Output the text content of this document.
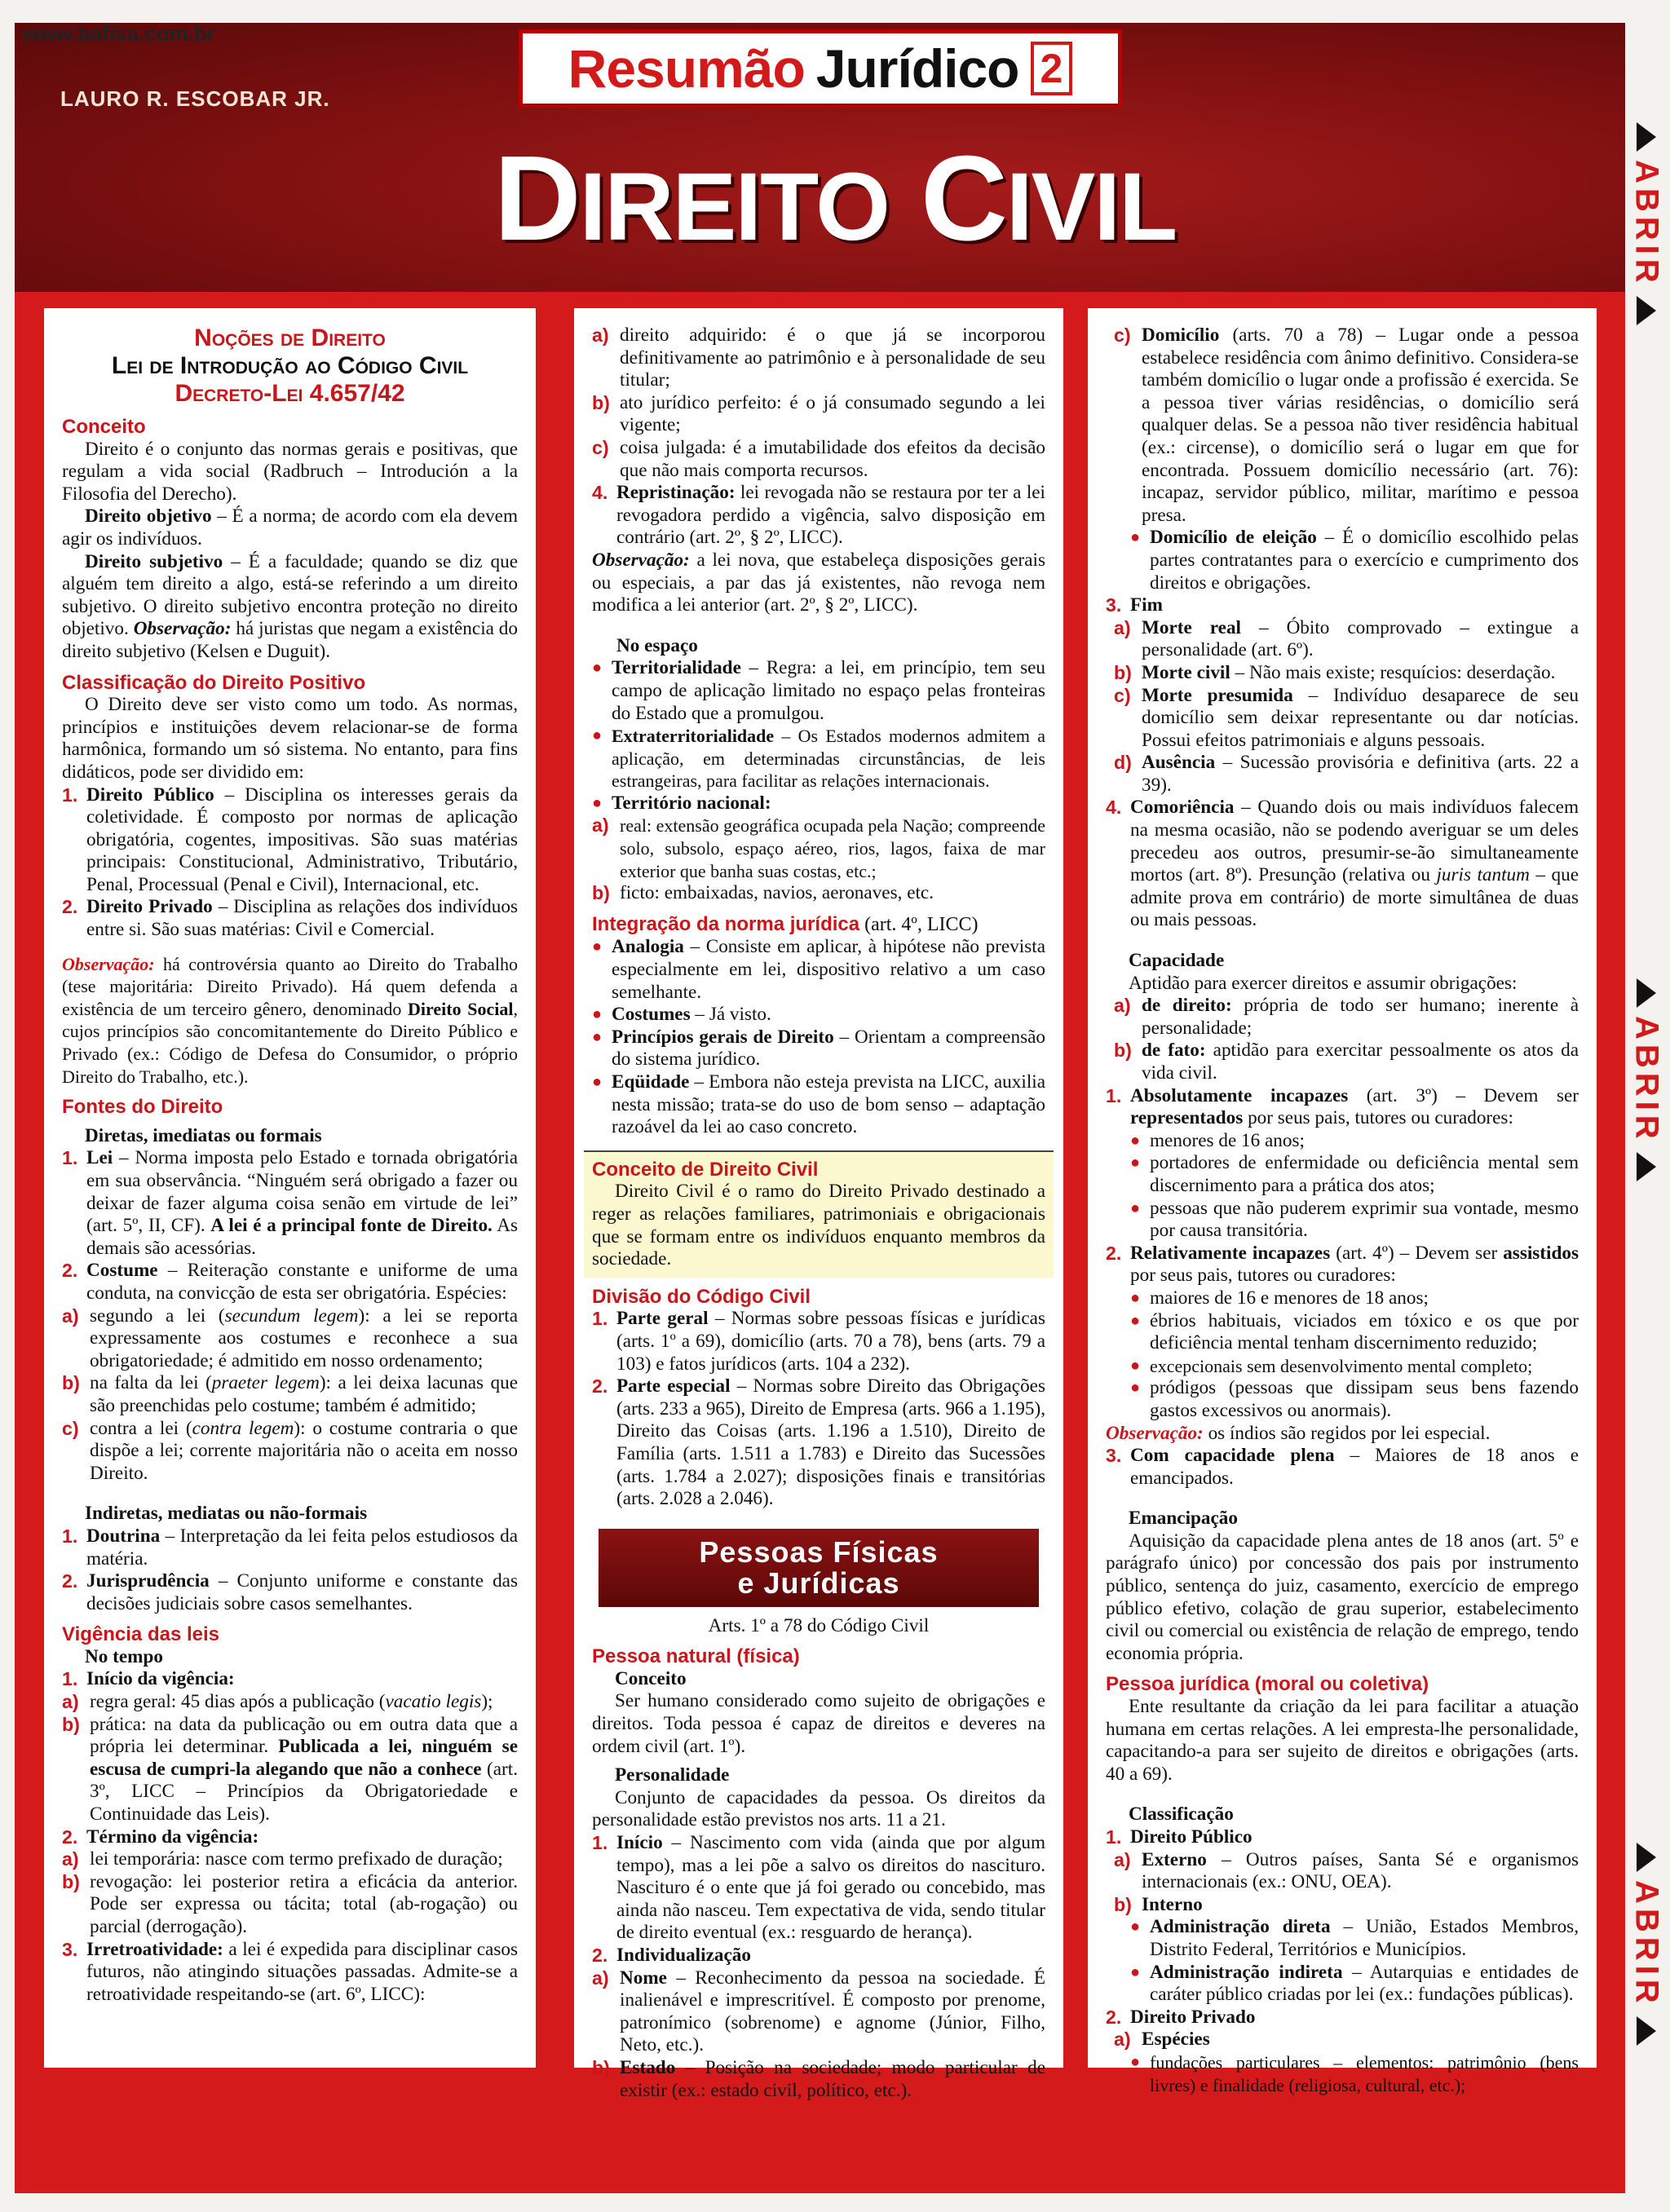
www.bafisa.com.br
Resumão Jurídico 2
LAURO R. ESCOBAR JR.
DIREITO CIVIL	ABRIR
ABRIR
ABRIR
Noções de Direito
Lei de Introdução ao Código Civil
Decreto-Lei 4.657/42
Conceito

Direito é o conjunto das normas gerais e positivas, que regulam a vida social (Radbruch – Introdución a la Filosofia del Derecho).

Direito objetivo – É a norma; de acordo com ela devem agir os indivíduos.

Direito subjetivo – É a faculdade; quando se diz que alguém tem direito a algo, está-se referindo a um direito subjetivo. O direito subjetivo encontra proteção no direito objetivo. Observação: há juristas que negam a existência do direito subjetivo (Kelsen e Duguit).

Classificação do Direito Positivo

O Direito deve ser visto como um todo. As normas, princípios e instituições devem relacionar-se de forma harmônica, formando um só sistema. No entanto, para fins didáticos, pode ser dividido em:

1. Direito Público – Disciplina os interesses gerais da coletividade. É composto por normas de aplicação obrigatória, cogentes, impositivas. São suas matérias principais: Constitucional, Administrativo, Tributário, Penal, Processual (Penal e Civil), Internacional, etc.
2. Direito Privado – Disciplina as relações dos indivíduos entre si. São suas matérias: Civil e Comercial.

Observação: há controvérsia quanto ao Direito do Trabalho (tese majoritária: Direito Privado). Há quem defenda a existência de um terceiro gênero, denominado Direito Social, cujos princípios são concomitantemente do Direito Público e Privado (ex.: Código de Defesa do Consumidor, o próprio Direito do Trabalho, etc.).

Fontes do Direito
Diretas, imediatas ou formais
1. Lei – Norma imposta pelo Estado e tornada obrigatória em sua observância. “Ninguém será obrigado a fazer ou deixar de fazer alguma coisa senão em virtude de lei” (art. 5º, II, CF). A lei é a principal fonte de Direito. As demais são acessórias.
2. Costume – Reiteração constante e uniforme de uma conduta, na convicção de esta ser obrigatória. Espécies:
a) segundo a lei (secundum legem): a lei se reporta expressamente aos costumes e reconhece a sua obrigatoriedade; é admitido em nosso ordenamento;
b) na falta da lei (praeter legem): a lei deixa lacunas que são preenchidas pelo costume; também é admitido;
c) contra a lei (contra legem): o costume contraria o que dispõe a lei; corrente majoritária não o aceita em nosso Direito.
Indiretas, mediatas ou não-formais
1. Doutrina – Interpretação da lei feita pelos estudiosos da matéria.
2. Jurisprudência – Conjunto uniforme e constante das decisões judiciais sobre casos semelhantes.
Vigência das leis
No tempo
1. Início da vigência:
a) regra geral: 45 dias após a publicação (vacatio legis);
b) prática: na data da publicação ou em outra data que a própria lei determinar. Publicada a lei, ninguém se escusa de cumpri-la alegando que não a conhece (art. 3º, LICC – Princípios da Obrigatoriedade e Continuidade das Leis).
2. Término da vigência:
a) lei temporária: nasce com termo prefixado de duração;
b) revogação: lei posterior retira a eficácia da anterior. Pode ser expressa ou tácita; total (ab-rogação) ou parcial (derrogação).
3. Irretroatividade: a lei é expedida para disciplinar casos futuros, não atingindo situações passadas. Admite-se a retroatividade respeitando-se (art. 6º, LICC):
a) direito adquirido: é o que já se incorporou definitivamente ao patrimônio e à personalidade de seu titular;
b) ato jurídico perfeito: é o já consumado segundo a lei vigente;
c) coisa julgada: é a imutabilidade dos efeitos da decisão que não mais comporta recursos.
4. Repristinação: lei revogada não se restaura por ter a lei revogadora perdido a vigência, salvo disposição em contrário (art. 2º, § 2º, LICC).

Observação: a lei nova, que estabeleça disposições gerais ou especiais, a par das já existentes, não revoga nem modifica a lei anterior (art. 2º, § 2º, LICC).

No espaço
● Territorialidade – Regra: a lei, em princípio, tem seu campo de aplicação limitado no espaço pelas fronteiras do Estado que a promulgou.
● Extraterritorialidade – Os Estados modernos admitem a aplicação, em determinadas circunstâncias, de leis estrangeiras, para facilitar as relações internacionais.
● Território nacional:
a) real: extensão geográfica ocupada pela Nação; compreende solo, subsolo, espaço aéreo, rios, lagos, faixa de mar exterior que banha suas costas, etc.;
b) ficto: embaixadas, navios, aeronaves, etc.
Integração da norma jurídica (art. 4º, LICC)
● Analogia – Consiste em aplicar, à hipótese não prevista especialmente em lei, dispositivo relativo a um caso semelhante.
● Costumes – Já visto.
● Princípios gerais de Direito – Orientam a compreensão do sistema jurídico.
● Eqüidade – Embora não esteja prevista na LICC, auxilia nesta missão; trata-se do uso de bom senso – adaptação razoável da lei ao caso concreto.
Conceito de Direito Civil

Direito Civil é o ramo do Direito Privado destinado a reger as relações familiares, patrimoniais e obrigacionais que se formam entre os indivíduos enquanto membros da sociedade.

Divisão do Código Civil
1. Parte geral – Normas sobre pessoas físicas e jurídicas (arts. 1º a 69), domicílio (arts. 70 a 78), bens (arts. 79 a 103) e fatos jurídicos (arts. 104 a 232).
2. Parte especial – Normas sobre Direito das Obrigações (arts. 233 a 965), Direito de Empresa (arts. 966 a 1.195), Direito das Coisas (arts. 1.196 a 1.510), Direito de Família (arts. 1.511 a 1.783) e Direito das Sucessões (arts. 1.784 a 2.027); disposições finais e transitórias (arts. 2.028 a 2.046).
Pessoas Físicas
e Jurídicas
Arts. 1º a 78 do Código Civil
Pessoa natural (física)
Conceito

Ser humano considerado como sujeito de obrigações e direitos. Toda pessoa é capaz de direitos e deveres na ordem civil (art. 1º).

Personalidade

Conjunto de capacidades da pessoa. Os direitos da personalidade estão previstos nos arts. 11 a 21.

1. Início – Nascimento com vida (ainda que por algum tempo), mas a lei põe a salvo os direitos do nascituro. Nascituro é o ente que já foi gerado ou concebido, mas ainda não nasceu. Tem expectativa de vida, sendo titular de direito eventual (ex.: resguardo de herança).
2. Individualização
a) Nome – Reconhecimento da pessoa na sociedade. É inalienável e imprescritível. É composto por prenome, patronímico (sobrenome) e agnome (Júnior, Filho, Neto, etc.).
b) Estado – Posição na sociedade; modo particular de existir (ex.: estado civil, político, etc.).
c) Domicílio (arts. 70 a 78) – Lugar onde a pessoa estabelece residência com ânimo definitivo. Considera-se também domicílio o lugar onde a profissão é exercida. Se a pessoa tiver várias residências, o domicílio será qualquer delas. Se a pessoa não tiver residência habitual (ex.: circense), o domicílio será o lugar em que for encontrada. Possuem domicílio necessário (art. 76): incapaz, servidor público, militar, marítimo e pessoa presa.
● Domicílio de eleição – É o domicílio escolhido pelas partes contratantes para o exercício e cumprimento dos direitos e obrigações.
3. Fim
a) Morte real – Óbito comprovado – extingue a personalidade (art. 6º).
b) Morte civil – Não mais existe; resquícios: deserdação.
c) Morte presumida – Indivíduo desaparece de seu domicílio sem deixar representante ou dar notícias. Possui efeitos patrimoniais e alguns pessoais.
d) Ausência – Sucessão provisória e definitiva (arts. 22 a 39).
4. Comoriência – Quando dois ou mais indivíduos falecem na mesma ocasião, não se podendo averiguar se um deles precedeu aos outros, presumir-se-ão simultaneamente mortos (art. 8º). Presunção (relativa ou juris tantum – que admite prova em contrário) de morte simultânea de duas ou mais pessoas.
Capacidade

Aptidão para exercer direitos e assumir obrigações:

a) de direito: própria de todo ser humano; inerente à personalidade;
b) de fato: aptidão para exercitar pessoalmente os atos da vida civil.
1. Absolutamente incapazes (art. 3º) – Devem ser representados por seus pais, tutores ou curadores:
● menores de 16 anos;
● portadores de enfermidade ou deficiência mental sem discernimento para a prática dos atos;
● pessoas que não puderem exprimir sua vontade, mesmo por causa transitória.
2. Relativamente incapazes (art. 4º) – Devem ser assistidos por seus pais, tutores ou curadores:
● maiores de 16 e menores de 18 anos;
● ébrios habituais, viciados em tóxico e os que por deficiência mental tenham discernimento reduzido;
● excepcionais sem desenvolvimento mental completo;
● pródigos (pessoas que dissipam seus bens fazendo gastos excessivos ou anormais).

Observação: os índios são regidos por lei especial.

3. Com capacidade plena – Maiores de 18 anos e emancipados.
Emancipação

Aquisição da capacidade plena antes de 18 anos (art. 5º e parágrafo único) por concessão dos pais por instrumento público, sentença do juiz, casamento, exercício de emprego público efetivo, colação de grau superior, estabelecimento civil ou comercial ou existência de relação de emprego, tendo economia própria.

Pessoa jurídica (moral ou coletiva)

Ente resultante da criação da lei para facilitar a atuação humana em certas relações. A lei empresta-lhe personalidade, capacitando-a para ser sujeito de direitos e obrigações (arts. 40 a 69).

Classificação
1. Direito Público
a) Externo – Outros países, Santa Sé e organismos internacionais (ex.: ONU, OEA).
b) Interno
● Administração direta – União, Estados Membros, Distrito Federal, Territórios e Municípios.
● Administração indireta – Autarquias e entidades de caráter público criadas por lei (ex.: fundações públicas).
2. Direito Privado
a) Espécies
● fundações particulares – elementos: patrimônio (bens livres) e finalidade (religiosa, cultural, etc.);
